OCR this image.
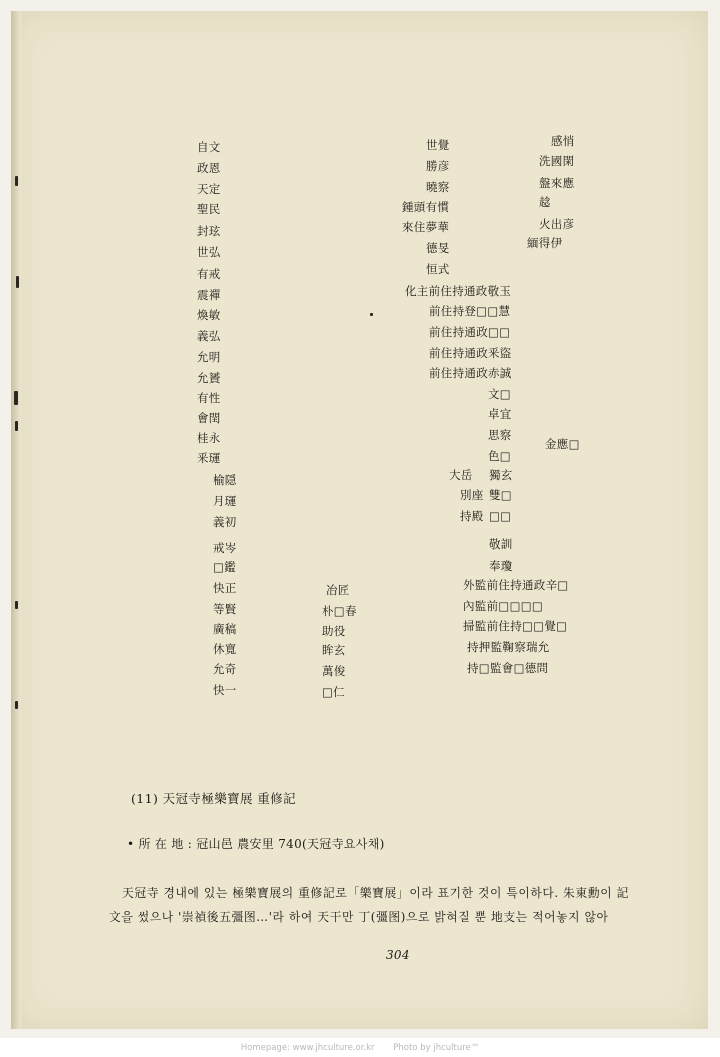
自文
政恩
天定
聖民
封玹
世弘
有戒
震禪
煥敏
義弘
允明
允贇
有性
會閏
桂永
釆璭
榆隠
月璭
義初
戒岑
□鑑
快正
等賢
廣稿
休寬
允奇
快一
冶匠
朴□春
助役
眸玄
萬俊
□仁
世覺
勝彦
曉察
鍾頭有慣
來住夢華
德旻
恒式
化主前住持通政敬玉
前住持登□□慧
前住持通政□□
前住持通政釆盜
前住持通政赤誠
文□
卓宜
思察
色□
大岳 獨玄
別座 雙□
持殿 □□
敬訓
奉瓊
外監前住持通政辛□
內監前□□□□
掃監前住持□□覺□
持押監鞠察瑞允
持□監會□德問
感悄
洗國閑
盤來應
趝
火出彦
緬得伊
金應□
(11) 天冠寺極樂寶展 重修記
• 所 在 地 : 冠山邑 農安里 740(天冠寺요사채)
天冠寺 경내에 있는 極樂寶展의 重修記로「樂寶展」이라 표기한 것이 특이하다. 朱東勳이 記
文을 썼으나 '崇禎後五彊图…'라 하여 天干만 丁(彊图)으로 밝혀질 뿐 地支는 적어놓지 않아
304
Homepage: www.jhculture.or.kr Photo by jhculture™
